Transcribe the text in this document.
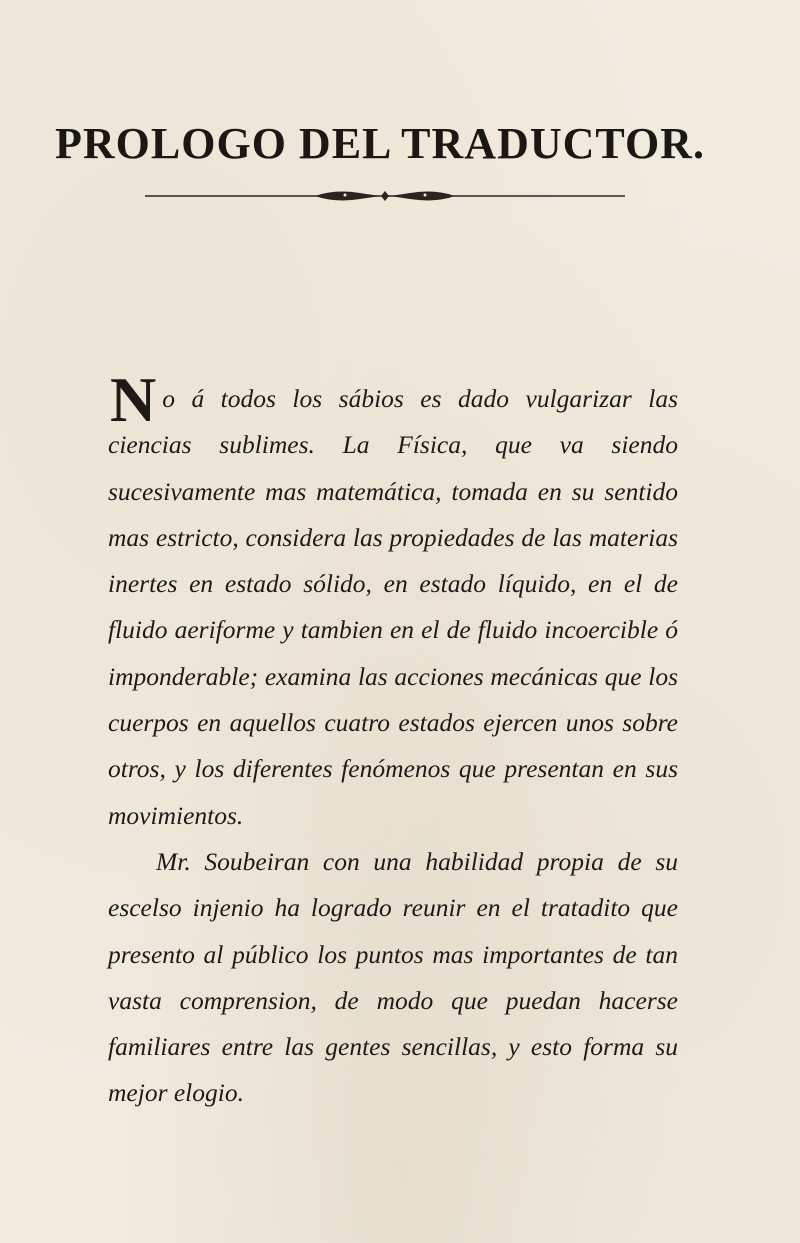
PROLOGO DEL TRADUCTOR.

No á todos los sábios es dado vulgarizar las ciencias sublimes. La Física, que va siendo sucesivamente mas matemática, tomada en su sentido mas estricto, considera las propiedades de las materias inertes en estado sólido, en estado líquido, en el de fluido aeriforme y tambien en el de fluido incoercible ó imponderable; examina las acciones mecánicas que los cuerpos en aquellos cuatro estados ejercen unos sobre otros, y los diferentes fenómenos que presentan en sus movimientos.

Mr. Soubeiran con una habilidad propia de su escelso injenio ha logrado reunir en el tratadito que presento al público los puntos mas importantes de tan vasta comprension, de modo que puedan hacerse familiares entre las gentes sencillas, y esto forma su mejor elogio.
